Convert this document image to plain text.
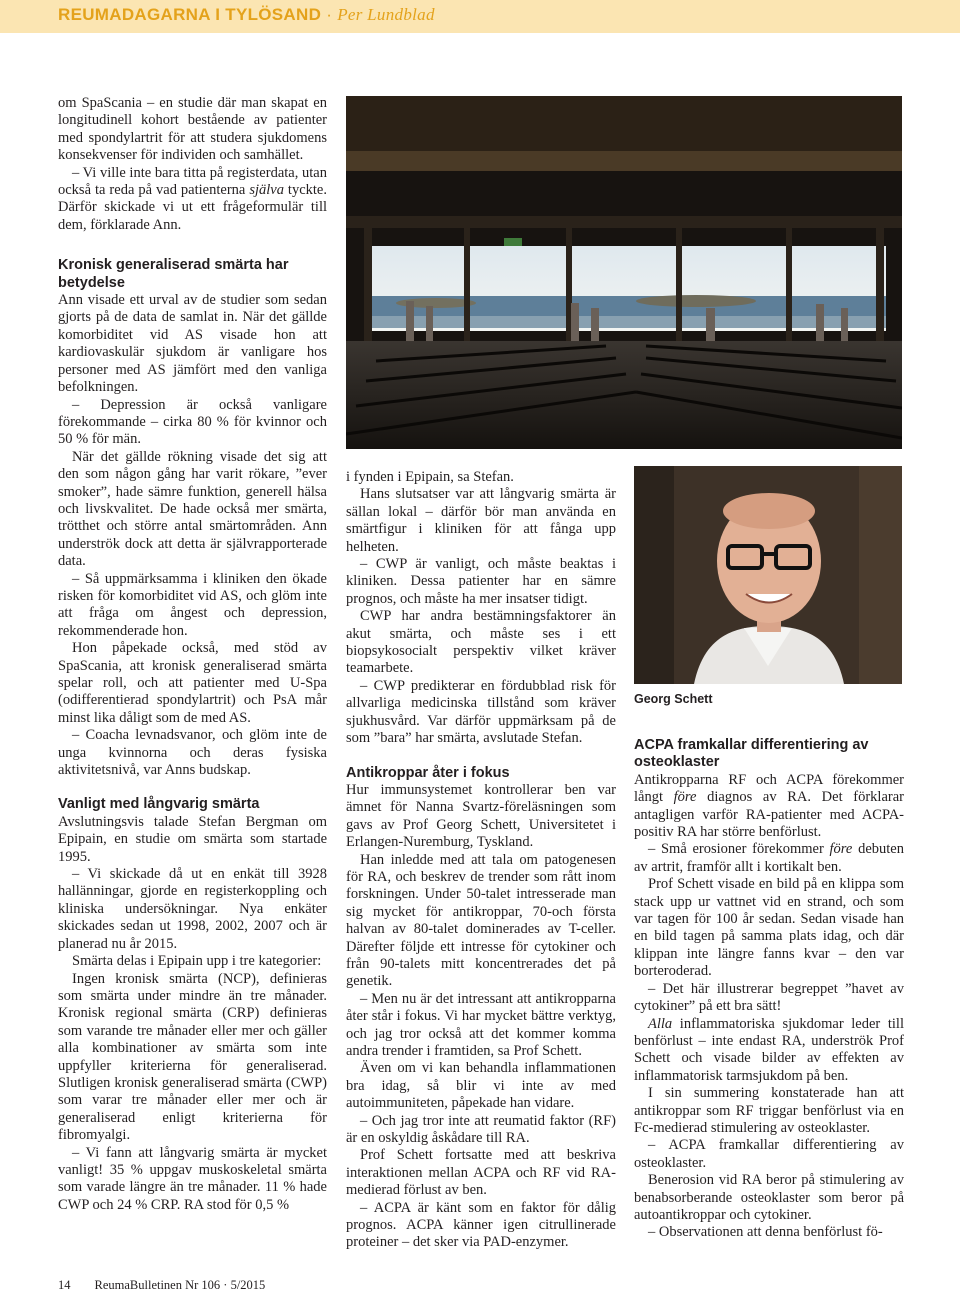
REUMADAGARNA I TYLÖSAND · Per Lundblad
Georg Schett

om SpaScania – en studie där man skapat en longitudinell kohort bestående av patienter med spondylartrit för att studera sjukdomens konsekvenser för individen och samhället.

– Vi ville inte bara titta på registerdata, utan också ta reda på vad patienterna själva tyckte. Därför skickade vi ut ett frågeformulär till dem, förklarade Ann.

Kronisk generaliserad smärta har betydelse

Ann visade ett urval av de studier som sedan gjorts på de data de samlat in. När det gällde komorbiditet vid AS visade hon att kardiovaskulär sjukdom är vanligare hos personer med AS jämfört med den vanliga befolkningen.

– Depression är också vanligare förekommande – cirka 80 % för kvinnor och 50 % för män.

När det gällde rökning visade det sig att den som någon gång har varit rökare, ”ever smoker”, hade sämre funktion, generell hälsa och livskvalitet. De hade också mer smärta, trötthet och större antal smärtområden. Ann underströk dock att detta är självrapporterade data.

– Så uppmärksamma i kliniken den ökade risken för komorbiditet vid AS, och glöm inte att fråga om ångest och depression, rekommenderade hon.

Hon påpekade också, med stöd av SpaScania, att kronisk generaliserad smärta spelar roll, och att patienter med U-Spa (odifferentierad spondylartrit) och PsA mår minst lika dåligt som de med AS.

– Coacha levnadsvanor, och glöm inte de unga kvinnorna och deras fysiska aktivitetsnivå, var Anns budskap.

Vanligt med långvarig smärta

Avslutningsvis talade Stefan Bergman om Epipain, en studie om smärta som startade 1995.

– Vi skickade då ut en enkät till 3928 hallänningar, gjorde en registerkoppling och kliniska undersökningar. Nya enkäter skickades sedan ut 1998, 2002, 2007 och är planerad nu år 2015.

Smärta delas i Epipain upp i tre kategorier:

Ingen kronisk smärta (NCP), definieras som smärta under mindre än tre månader. Kronisk regional smärta (CRP) definieras som varande tre månader eller mer och gäller alla kombinationer av smärta som inte uppfyller kriterierna för generaliserad. Slutligen kronisk generaliserad smärta (CWP) som varar tre månader eller mer och är generaliserad enligt kriterierna för fibromyalgi.

– Vi fann att långvarig smärta är mycket vanligt! 35 % uppgav muskoskeletal smärta som varade längre än tre månader. 11 % hade CWP och 24 % CRP. RA stod för 0,5 %

i fynden i Epipain, sa Stefan.

Hans slutsatser var att långvarig smärta är sällan lokal – därför bör man använda en smärtfigur i kliniken för att fånga upp helheten.

– CWP är vanligt, och måste beaktas i kliniken. Dessa patienter har en sämre prognos, och måste ha mer insatser tidigt.

CWP har andra bestämningsfaktorer än akut smärta, och måste ses i ett biopsykosocialt perspektiv vilket kräver teamarbete.

– CWP predikterar en fördubblad risk för allvarliga medicinska tillstånd som kräver sjukhusvård. Var därför uppmärksam på de som ”bara” har smärta, avslutade Stefan.

Antikroppar åter i fokus

Hur immunsystemet kontrollerar ben var ämnet för Nanna Svartz-föreläsningen som gavs av Prof Georg Schett, Universitetet i Erlangen-Nuremburg, Tyskland.

Han inledde med att tala om patogenesen för RA, och beskrev de trender som rått inom forskningen. Under 50-talet intresserade man sig mycket för antikroppar, 70-och första halvan av 80-talet dominerades av T-celler. Därefter följde ett intresse för cytokiner och från 90-talets mitt koncentrerades det på genetik.

– Men nu är det intressant att antikropparna åter står i fokus. Vi har mycket bättre verktyg, och jag tror också att det kommer komma andra trender i framtiden, sa Prof Schett.

Även om vi kan behandla inflammationen bra idag, så blir vi inte av med autoimmuniteten, påpekade han vidare.

– Och jag tror inte att reumatid faktor (RF) är en oskyldig åskådare till RA.

Prof Schett fortsatte med att beskriva interaktionen mellan ACPA och RF vid RA-medierad förlust av ben.

– ACPA är känt som en faktor för dålig prognos. ACPA känner igen citrullinerade proteiner – det sker via PAD-enzymer.

ACPA framkallar differentiering av osteoklaster

Antikropparna RF och ACPA förekommer långt före diagnos av RA. Det förklarar antagligen varför RA-patienter med ACPA-positiv RA har större benförlust.

– Små erosioner förekommer före debuten av artrit, framför allt i kortikalt ben.

Prof Schett visade en bild på en klippa som stack upp ur vattnet vid en strand, och som var tagen för 100 år sedan. Sedan visade han en bild tagen på samma plats idag, och där klippan inte längre fanns kvar – den var borteroderad.

– Det här illustrerar begreppet ”havet av cytokiner” på ett bra sätt!

Alla inflammatoriska sjukdomar leder till benförlust – inte endast RA, underströk Prof Schett och visade bilder av effekten av inflammatorisk tarmsjukdom på ben.

I sin summering konstaterade han att antikroppar som RF triggar benförlust via en Fc-medierad stimulering av osteoklaster.

– ACPA framkallar differentiering av osteoklaster.

Benerosion vid RA beror på stimulering av benabsorberande osteoklaster som beror på autoantikroppar och cytokiner.

– Observationen att denna benförlust fö-

14 ReumaBulletinen Nr 106 · 5/2015
